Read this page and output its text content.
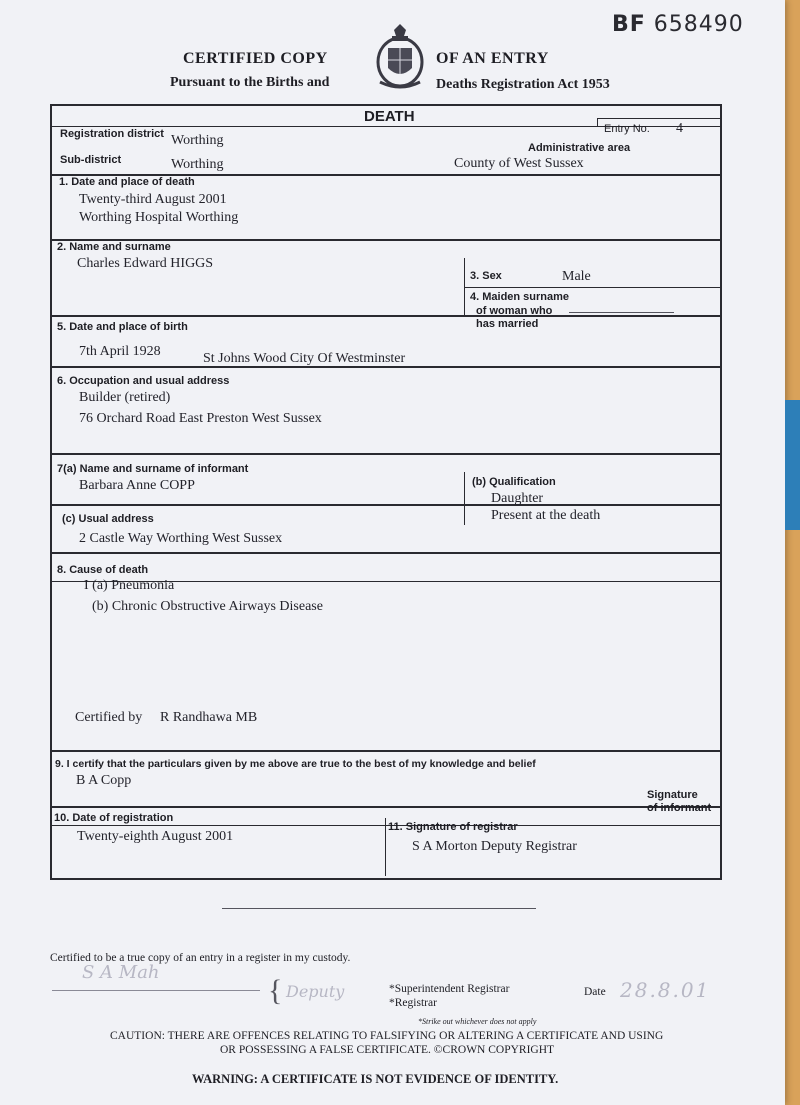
CERTIFIED COPY
Pursuant to the Births and
OF AN ENTRY
Deaths Registration Act 1953
BF 658490
DEATH
Entry No. 4
Registration district Worthing
Sub-district	Worthing
Administrative area
County of West Sussex
1. Date and place of death
Twenty-third August 2001
Worthing Hospital Worthing
2. Name and surname
Charles Edward HIGGS
3. Sex	Male
4. Maiden surname
of woman who
has married
5. Date and place of birth
7th April 1928	St Johns Wood City Of Westminster
6. Occupation and usual address
Builder (retired)
76 Orchard Road East Preston West Sussex
7(a) Name and surname of informant
Barbara Anne COPP	(b) Qualification
Daughter
Present at the death
(c) Usual address
2 Castle Way Worthing West Sussex
8. Cause of death
I (a) Pneumonia
(b) Chronic Obstructive Airways Disease
Certified by R Randhawa MB
9. I certify that the particulars given by me above are true to the best of my knowledge and belief
B A Copp
Signature
of informant
10. Date of registration
Twenty-eighth August 2001
11. Signature of registrar
S A Morton Deputy Registrar
Certified to be a true copy of an entry in a register in my custody.
S A Mah
{ Deputy	*Superintendent Registrar
*Registrar
Date 28.8.01
*Strike out whichever does not apply
CAUTION: THERE ARE OFFENCES RELATING TO FALSIFYING OR ALTERING A CERTIFICATE AND USING
OR POSSESSING A FALSE CERTIFICATE. ©CROWN COPYRIGHT
WARNING: A CERTIFICATE IS NOT EVIDENCE OF IDENTITY.
